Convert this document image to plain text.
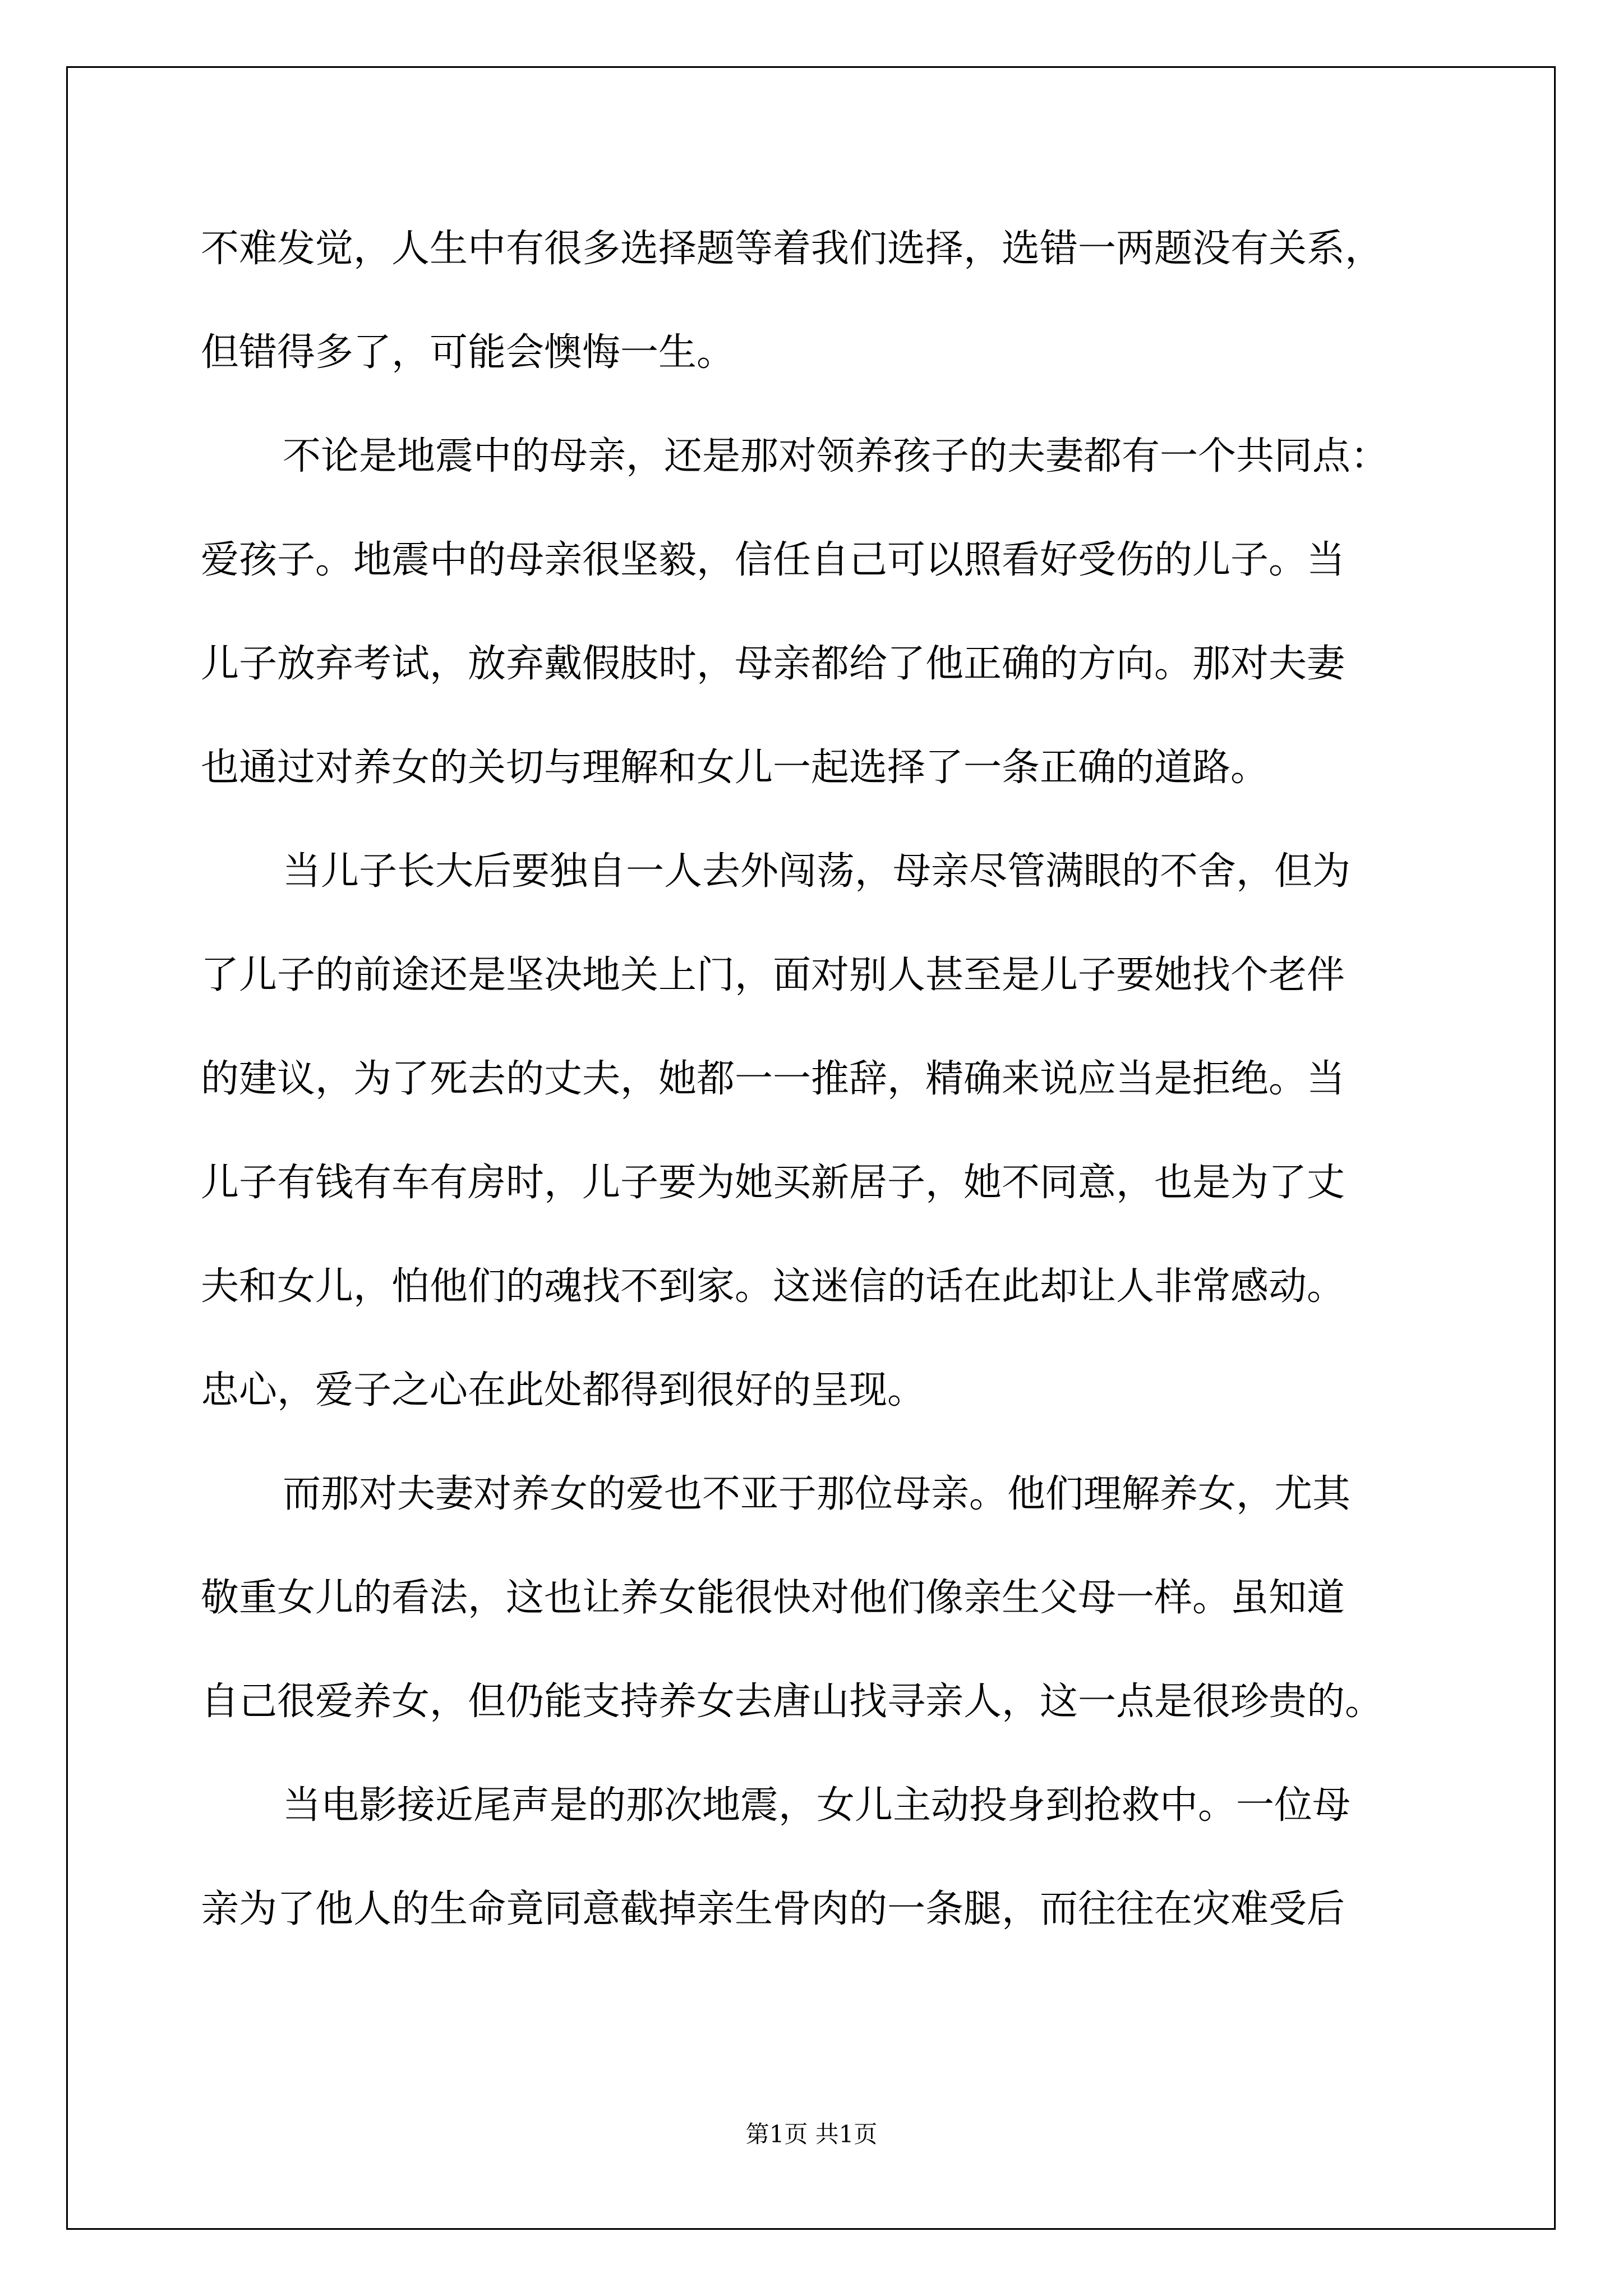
不难发觉，人生中有很多选择题等着我们选择，选错一两题没有关系，
但错得多了，可能会懊悔一生。
不论是地震中的母亲，还是那对领养孩子的夫妻都有一个共同点：
爱孩子。地震中的母亲很坚毅，信任自己可以照看好受伤的儿子。当
儿子放弃考试，放弃戴假肢时，母亲都给了他正确的方向。那对夫妻
也通过对养女的关切与理解和女儿一起选择了一条正确的道路。
当儿子长大后要独自一人去外闯荡，母亲尽管满眼的不舍，但为
了儿子的前途还是坚决地关上门，面对别人甚至是儿子要她找个老伴
的建议，为了死去的丈夫，她都一一推辞，精确来说应当是拒绝。当
儿子有钱有车有房时，儿子要为她买新居子，她不同意，也是为了丈
夫和女儿，怕他们的魂找不到家。这迷信的话在此却让人非常感动。
忠心，爱子之心在此处都得到很好的呈现。
而那对夫妻对养女的爱也不亚于那位母亲。他们理解养女，尤其
敬重女儿的看法，这也让养女能很快对他们像亲生父母一样。虽知道
自己很爱养女，但仍能支持养女去唐山找寻亲人，这一点是很珍贵的。
当电影接近尾声是的那次地震，女儿主动投身到抢救中。一位母
亲为了他人的生命竟同意截掉亲生骨肉的一条腿，而往往在灾难受后
第1页 共1页
